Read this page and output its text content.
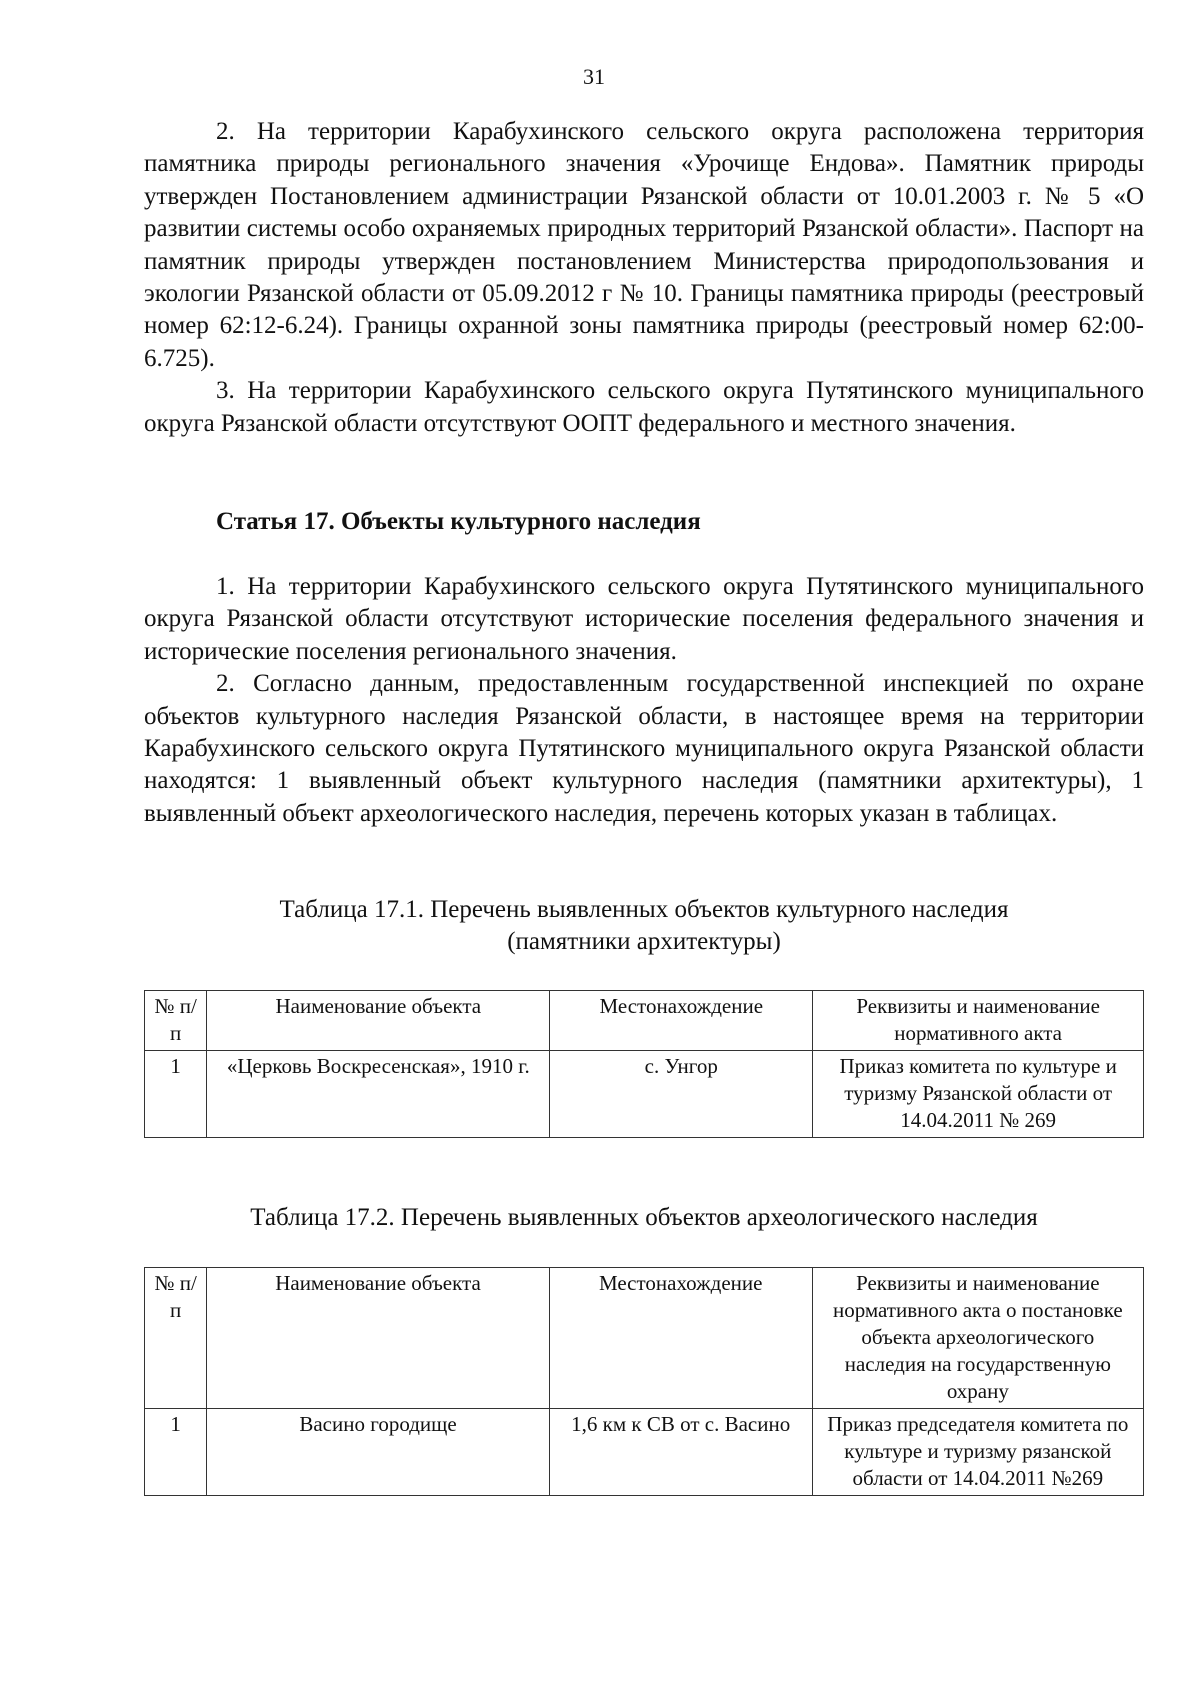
31

2. На территории Карабухинского сельского округа расположена территория памятника природы регионального значения «Урочище Ендова». Памятник природы утвержден Постановлением администрации Рязанской области от 10.01.2003 г. № 5 «О развитии системы особо охраняемых природных территорий Рязанской области». Паспорт на памятник природы утвержден постановлением Министерства природопользования и экологии Рязанской области от 05.09.2012 г № 10. Границы памятника природы (реестровый номер 62:12-6.24). Границы охранной зоны памятника природы (реестровый номер 62:00-6.725).

3. На территории Карабухинского сельского округа Путятинского муниципального округа Рязанской области отсутствуют ООПТ федерального и местного значения.

Статья 17. Объекты культурного наследия

1. На территории Карабухинского сельского округа Путятинского муниципального округа Рязанской области отсутствуют исторические поселения федерального значения и исторические поселения регионального значения.

2. Согласно данным, предоставленным государственной инспекцией по охране объектов культурного наследия Рязанской области, в настоящее время на территории Карабухинского сельского округа Путятинского муниципального округа Рязанской области находятся: 1 выявленный объект культурного наследия (памятники архитектуры), 1 выявленный объект археологического наследия, перечень которых указан в таблицах.

Таблица 17.1. Перечень выявленных объектов культурного наследия
(памятники архитектуры)
№ п/п	Наименование объекта	Местонахождение	Реквизиты и наименование нормативного акта
1	«Церковь Воскресенская», 1910 г.	с. Унгор	Приказ комитета по культуре и туризму Рязанской области от 14.04.2011 № 269
Таблица 17.2. Перечень выявленных объектов археологического наследия
№ п/п	Наименование объекта	Местонахождение	Реквизиты и наименование нормативного акта о постановке объекта археологического наследия на государственную охрану
1	Васино городище	1,6 км к СВ от с. Васино	Приказ председателя комитета по культуре и туризму рязанской области от 14.04.2011 №269
